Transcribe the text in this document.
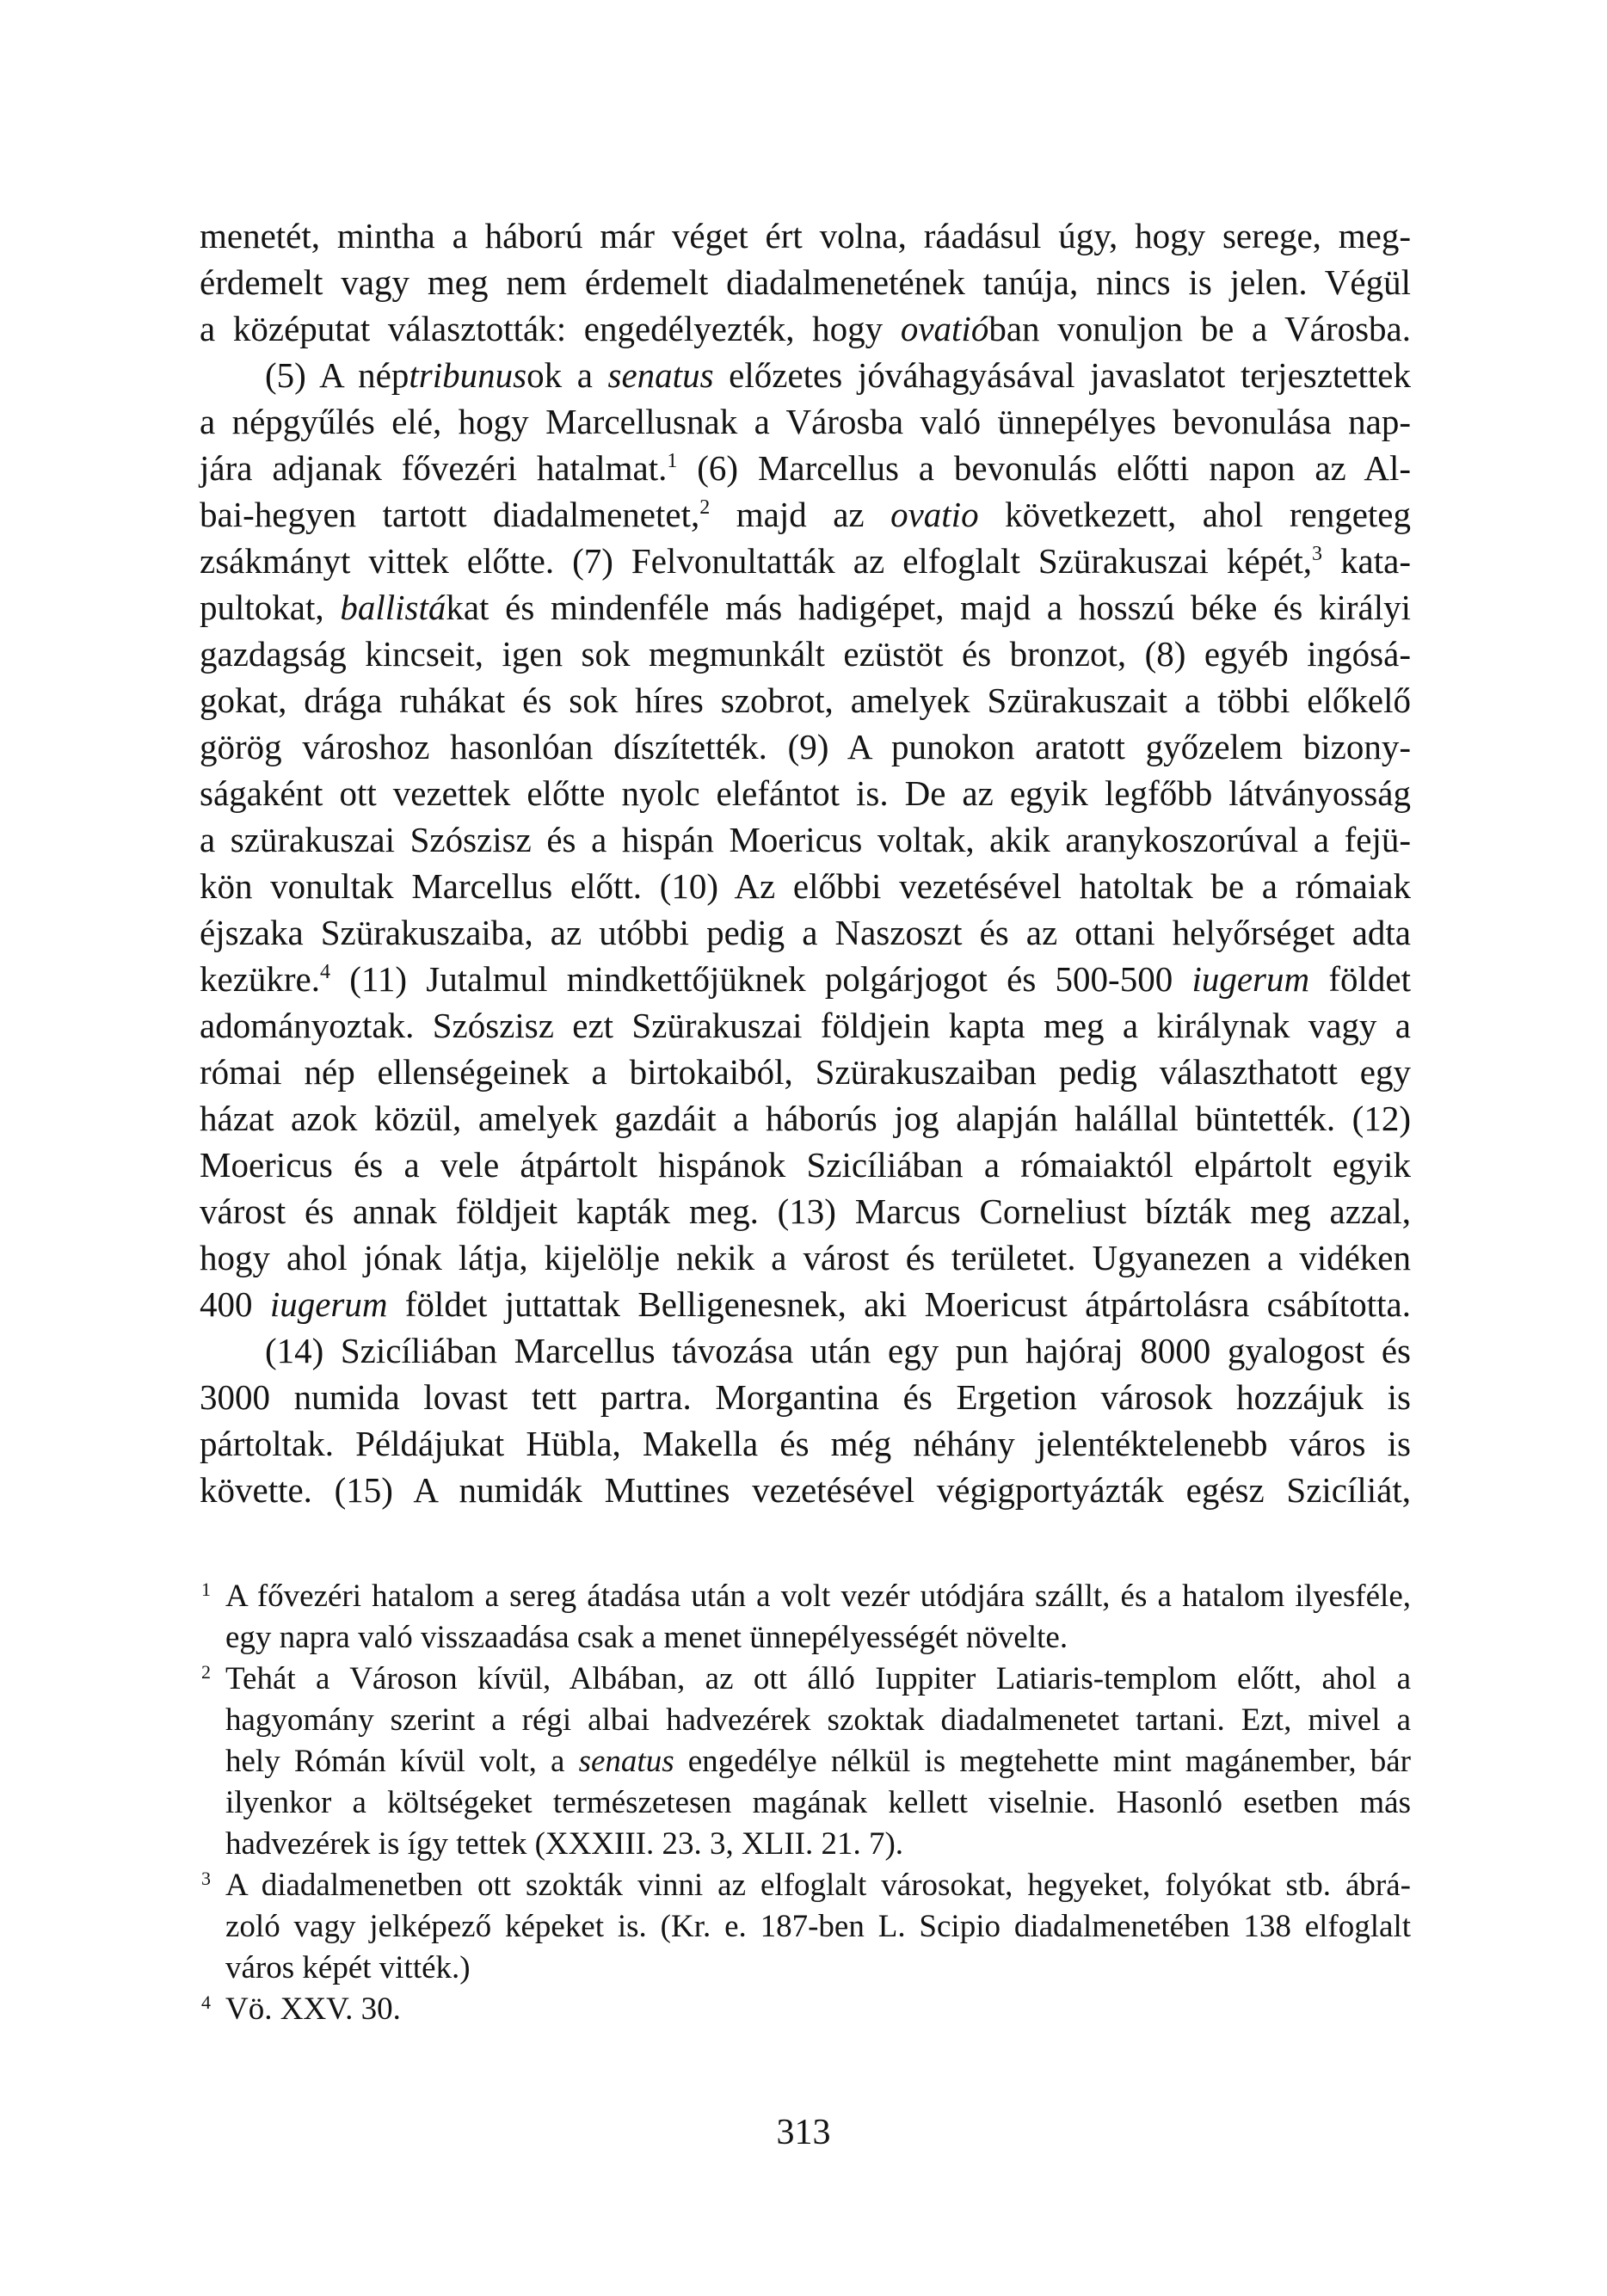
menetét, mintha a háború már véget ért volna, ráadásul úgy, hogy serege, meg-
érdemelt vagy meg nem érdemelt diadalmenetének tanúja, nincs is jelen. Végül
a középutat választották: engedélyezték, hogy ovatióban vonuljon be a Városba.
(5) A néptribunusok a senatus előzetes jóváhagyásával javaslatot terjesztettek
a népgyűlés elé, hogy Marcellusnak a Városba való ünnepélyes bevonulása nap-
jára adjanak fővezéri hatalmat.$^1$ (6) Marcellus a bevonulás előtti napon az Al-
bai-hegyen tartott diadalmenetet,$^2$ majd az ovatio következett, ahol rengeteg
zsákmányt vittek előtte. (7) Felvonultatták az elfoglalt Szürakuszai képét,$^3$ kata-
pultokat, ballistákat és mindenféle más hadigépet, majd a hosszú béke és királyi
gazdagság kincseit, igen sok megmunkált ezüstöt és bronzot, (8) egyéb ingósá-
gokat, drága ruhákat és sok híres szobrot, amelyek Szürakuszait a többi előkelő
görög városhoz hasonlóan díszítették. (9) A punokon aratott győzelem bizony-
ságaként ott vezettek előtte nyolc elefántot is. De az egyik legfőbb látványosság
a szürakuszai Szószisz és a hispán Moericus voltak, akik aranykoszorúval a fejü-
kön vonultak Marcellus előtt. (10) Az előbbi vezetésével hatoltak be a rómaiak
éjszaka Szürakuszaiba, az utóbbi pedig a Naszoszt és az ottani helyőrséget adta
kezükre.$^4$ (11) Jutalmul mindkettőjüknek polgárjogot és 500-500 iugerum földet
adományoztak. Szószisz ezt Szürakuszai földjein kapta meg a királynak vagy a
római nép ellenségeinek a birtokaiból, Szürakuszaiban pedig választhatott egy
házat azok közül, amelyek gazdáit a háborús jog alapján halállal büntették. (12)
Moericus és a vele átpártolt hispánok Szicíliában a rómaiaktól elpártolt egyik
várost és annak földjeit kapták meg. (13) Marcus Corneliust bízták meg azzal,
hogy ahol jónak látja, kijelölje nekik a várost és területet. Ugyanezen a vidéken
400 iugerum földet juttattak Belligenesnek, aki Moericust átpártolásra csábította.
(14) Szicíliában Marcellus távozása után egy pun hajóraj 8000 gyalogost és
3000 numida lovast tett partra. Morgantina és Ergetion városok hozzájuk is
pártoltak. Példájukat Hübla, Makella és még néhány jelentéktelenebb város is
követte. (15) A numidák Muttines vezetésével végigportyázták egész Szicíliát,
1 A fővezéri hatalom a sereg átadása után a volt vezér utódjára szállt, és a hatalom ilyesféle,
egy napra való visszaadása csak a menet ünnepélyességét növelte.
2 Tehát a Városon kívül, Albában, az ott álló Iuppiter Latiaris-templom előtt, ahol a
hagyomány szerint a régi albai hadvezérek szoktak diadalmenetet tartani. Ezt, mivel a
hely Rómán kívül volt, a senatus engedélye nélkül is megtehette mint magánember, bár
ilyenkor a költségeket természetesen magának kellett viselnie. Hasonló esetben más
hadvezérek is így tettek (XXXIII. 23. 3, XLII. 21. 7).
3 A diadalmenetben ott szokták vinni az elfoglalt városokat, hegyeket, folyókat stb. ábrá-
zoló vagy jelképező képeket is. (Kr. e. 187-ben L. Scipio diadalmenetében 138 elfoglalt
város képét vitték.)
4 Vö. XXV. 30.
313
